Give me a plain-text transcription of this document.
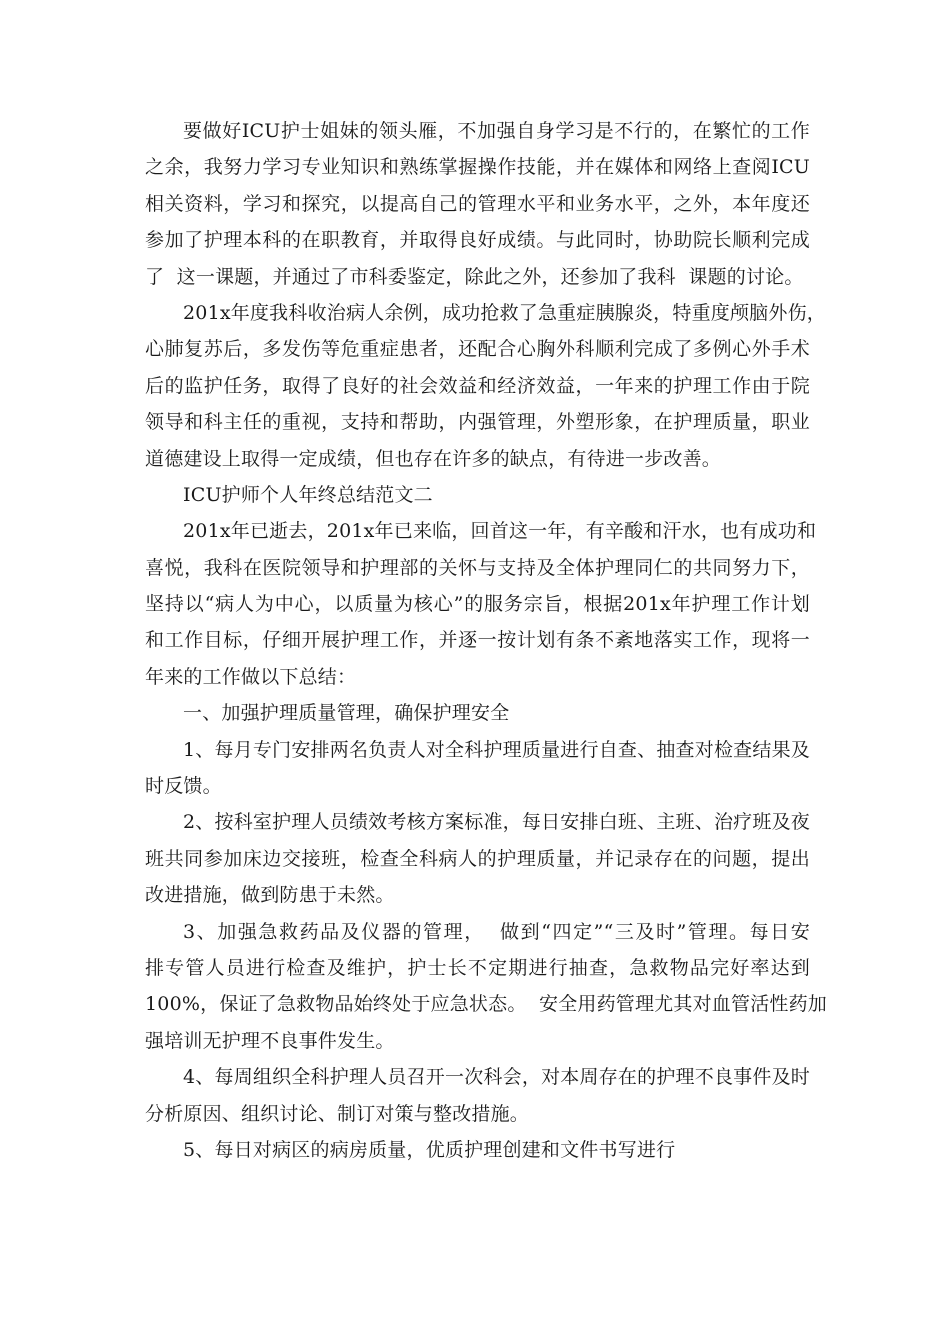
要做好ICU护士姐妹的领头雁，不加强自身学习是不行的，在繁忙的工作
之余，我努力学习专业知识和熟练掌握操作技能，并在媒体和网络上查阅ICU
相关资料，学习和探究，以提高自己的管理水平和业务水平，之外，本年度还
参加了护理本科的在职教育，并取得良好成绩。与此同时，协助院长顺利完成
了  这一课题，并通过了市科委鉴定，除此之外，还参加了我科  课题的讨论。
201x年度我科收治病人余例，成功抢救了急重症胰腺炎，特重度颅脑外伤，
心肺复苏后，多发伤等危重症患者，还配合心胸外科顺利完成了多例心外手术
后的监护任务，取得了良好的社会效益和经济效益，一年来的护理工作由于院
领导和科主任的重视，支持和帮助，内强管理，外塑形象，在护理质量，职业
道德建设上取得一定成绩，但也存在许多的缺点，有待进一步改善。
ICU护师个人年终总结范文二
201x年已逝去，201x年已来临，回首这一年，有辛酸和汗水，也有成功和
喜悦，我科在医院领导和护理部的关怀与支持及全体护理同仁的共同努力下，
坚持以“病人为中心，以质量为核心”的服务宗旨，根据201x年护理工作计划
和工作目标，仔细开展护理工作，并逐一按计划有条不紊地落实工作，现将一
年来的工作做以下总结：
一、加强护理质量管理，确保护理安全
1、每月专门安排两名负责人对全科护理质量进行自查、抽查对检查结果及
时反馈。
2、按科室护理人员绩效考核方案标准，每日安排白班、主班、治疗班及夜
班共同参加床边交接班，检查全科病人的护理质量，并记录存在的问题，提出
改进措施，做到防患于未然。
3、加强急救药品及仪器的管理，  做到“四定”“三及时”管理。每日安
排专管人员进行检查及维护，护士长不定期进行抽查，急救物品完好率达到
100%，保证了急救物品始终处于应急状态。  安全用药管理尤其对血管活性药加
强培训无护理不良事件发生。
4、每周组织全科护理人员召开一次科会，对本周存在的护理不良事件及时
分析原因、组织讨论、制订对策与整改措施。
5、每日对病区的病房质量，优质护理创建和文件书写进行
